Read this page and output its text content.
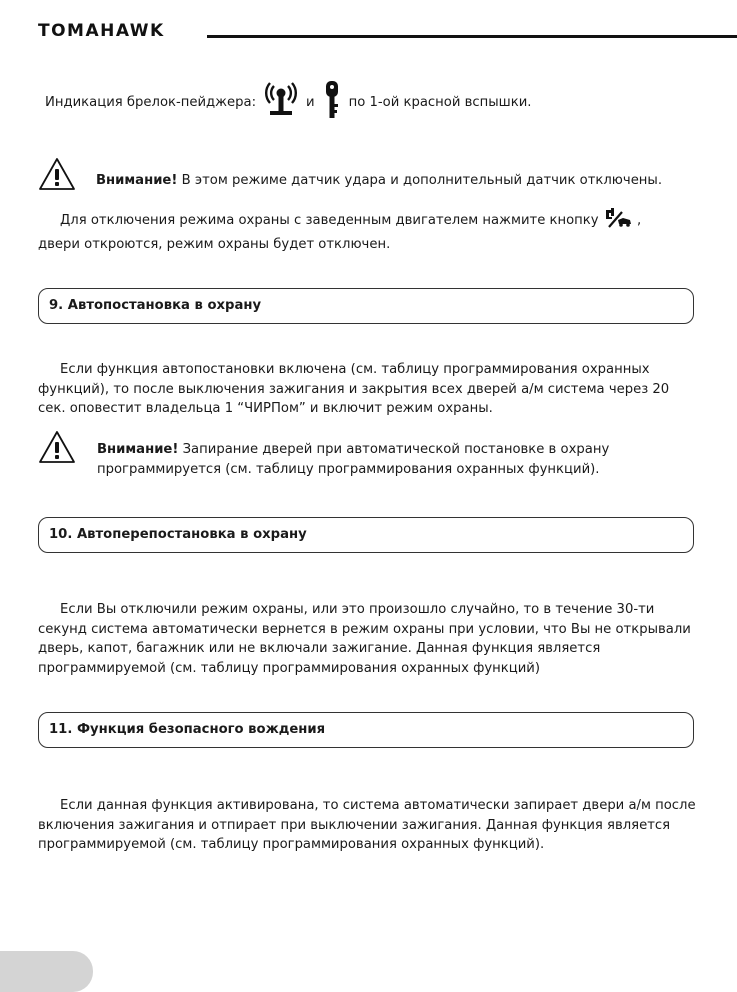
TOMAHAWK
Индикация брелок-пейджера:	и	по 1-ой красной вспышки.
Внимание! В этом режиме датчик удара и дополнительный датчик отключены.
Для отключения режима охраны с заведенным двигателем нажмите кнопку  ,
двери откроются, режим охраны будет отключен.
9. Автопостановка в охрану
Если функция автопостановки включена (см. таблицу программирования охранных функций), то после выключения зажигания и закрытия всех дверей а/м система через 20 сек. оповестит владельца 1 “ЧИРПом” и включит режим охраны.
Внимание! Запирание дверей при автоматической постановке в охрану программируется (см. таблицу программирования охранных функций).
10. Автоперепостановка в охрану
Если Вы отключили режим охраны, или это произошло случайно, то в течение 30-ти секунд система автоматически вернется в режим охраны при условии, что Вы не открывали дверь, капот, багажник или не включали зажигание. Данная функция является программируемой (см. таблицу программирования охранных функций)
11. Функция безопасного вождения
Если данная функция активирована, то система автоматически запирает двери а/м после включения зажигания и отпирает при выключении зажигания. Данная функция является программируемой (см. таблицу программирования охранных функций).
